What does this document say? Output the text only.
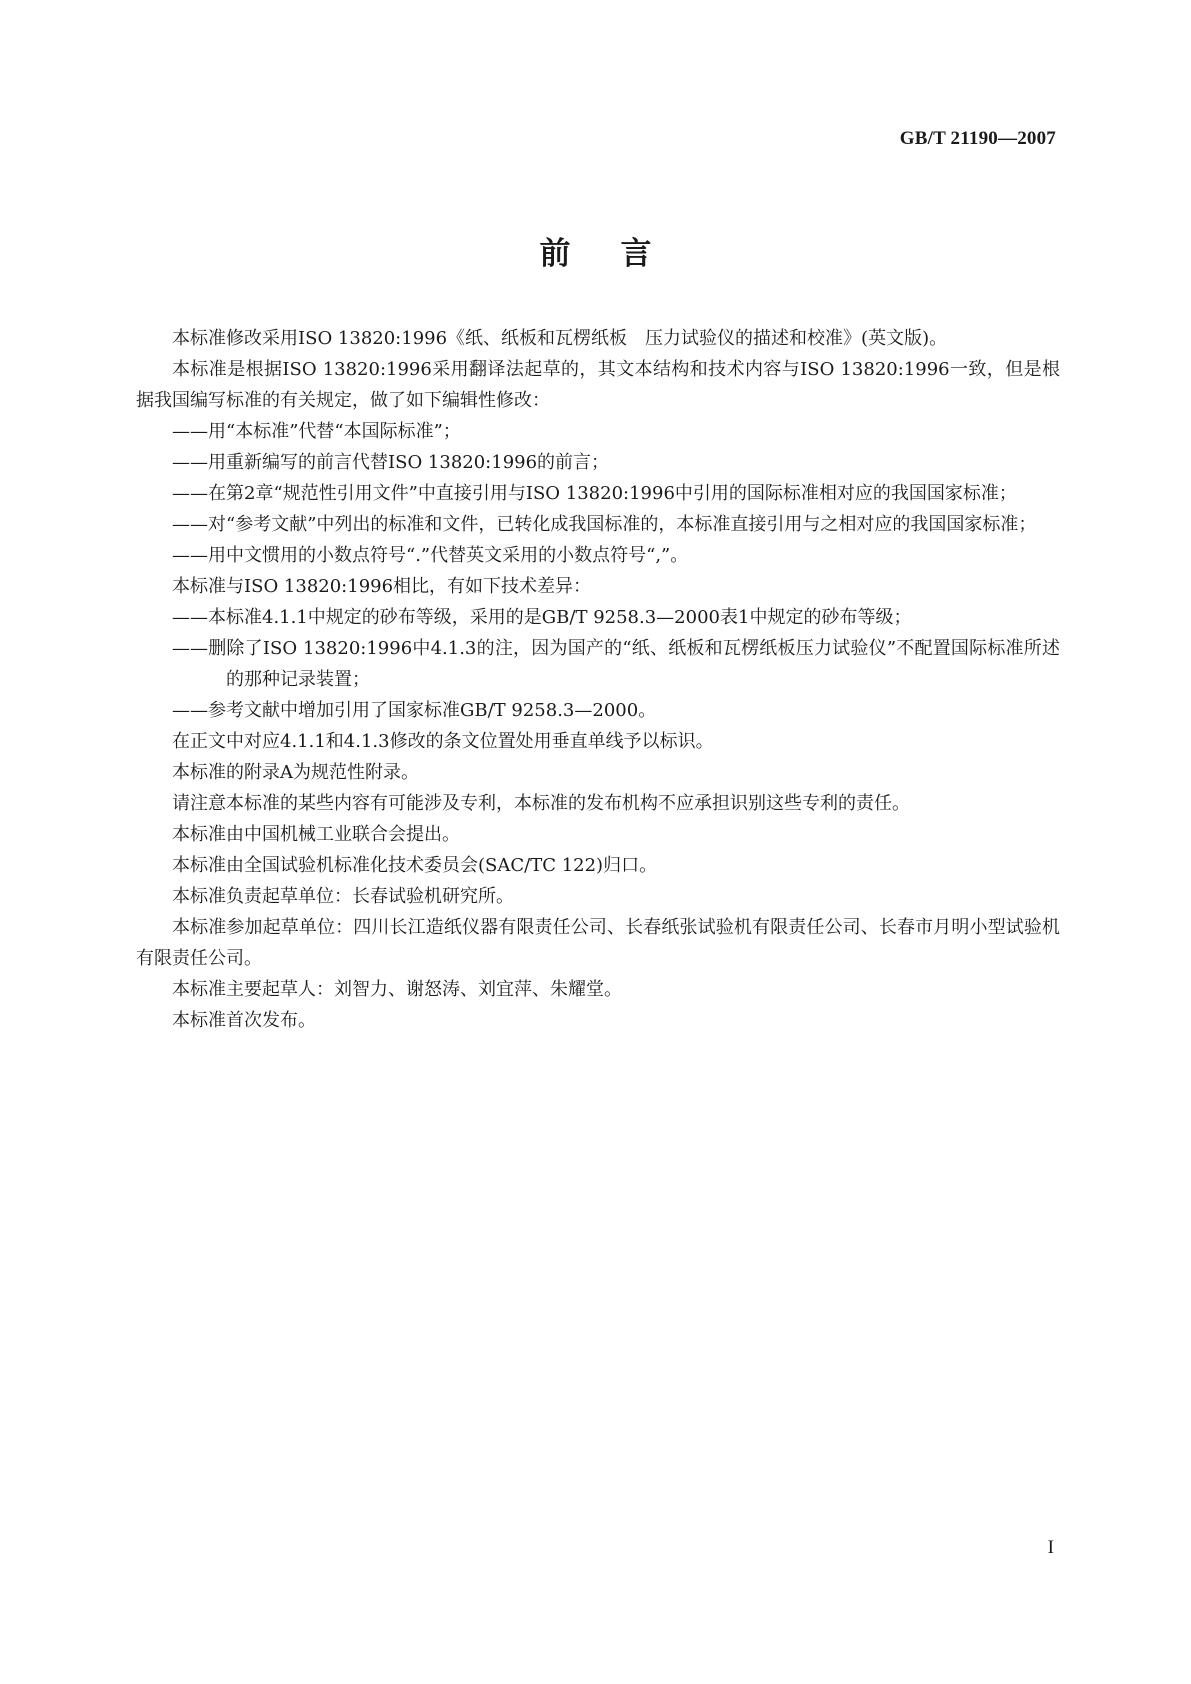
GB/T 21190—2007
前言

本标准修改采用ISO 13820:1996《纸、纸板和瓦楞纸板　压力试验仪的描述和校准》(英文版)。

本标准是根据ISO 13820:1996采用翻译法起草的，其文本结构和技术内容与ISO 13820:1996一致，但是根据我国编写标准的有关规定，做了如下编辑性修改：

——用“本标准”代替“本国际标准”；

——用重新编写的前言代替ISO 13820:1996的前言；

——在第2章“规范性引用文件”中直接引用与ISO 13820:1996中引用的国际标准相对应的我国国家标准；

——对“参考文献”中列出的标准和文件，已转化成我国标准的，本标准直接引用与之相对应的我国国家标准；

——用中文惯用的小数点符号“.”代替英文采用的小数点符号“,”。

本标准与ISO 13820:1996相比，有如下技术差异：

——本标准4.1.1中规定的砂布等级，采用的是GB/T 9258.3—2000表1中规定的砂布等级；

——删除了ISO 13820:1996中4.1.3的注，因为国产的“纸、纸板和瓦楞纸板压力试验仪”不配置国际标准所述的那种记录装置；

——参考文献中增加引用了国家标准GB/T 9258.3—2000。

在正文中对应4.1.1和4.1.3修改的条文位置处用垂直单线予以标识。

本标准的附录A为规范性附录。

请注意本标准的某些内容有可能涉及专利，本标准的发布机构不应承担识别这些专利的责任。

本标准由中国机械工业联合会提出。

本标准由全国试验机标准化技术委员会(SAC/TC 122)归口。

本标准负责起草单位：长春试验机研究所。

本标准参加起草单位：四川长江造纸仪器有限责任公司、长春纸张试验机有限责任公司、长春市月明小型试验机有限责任公司。

本标准主要起草人：刘智力、谢怒涛、刘宜萍、朱耀堂。

本标准首次发布。

I
